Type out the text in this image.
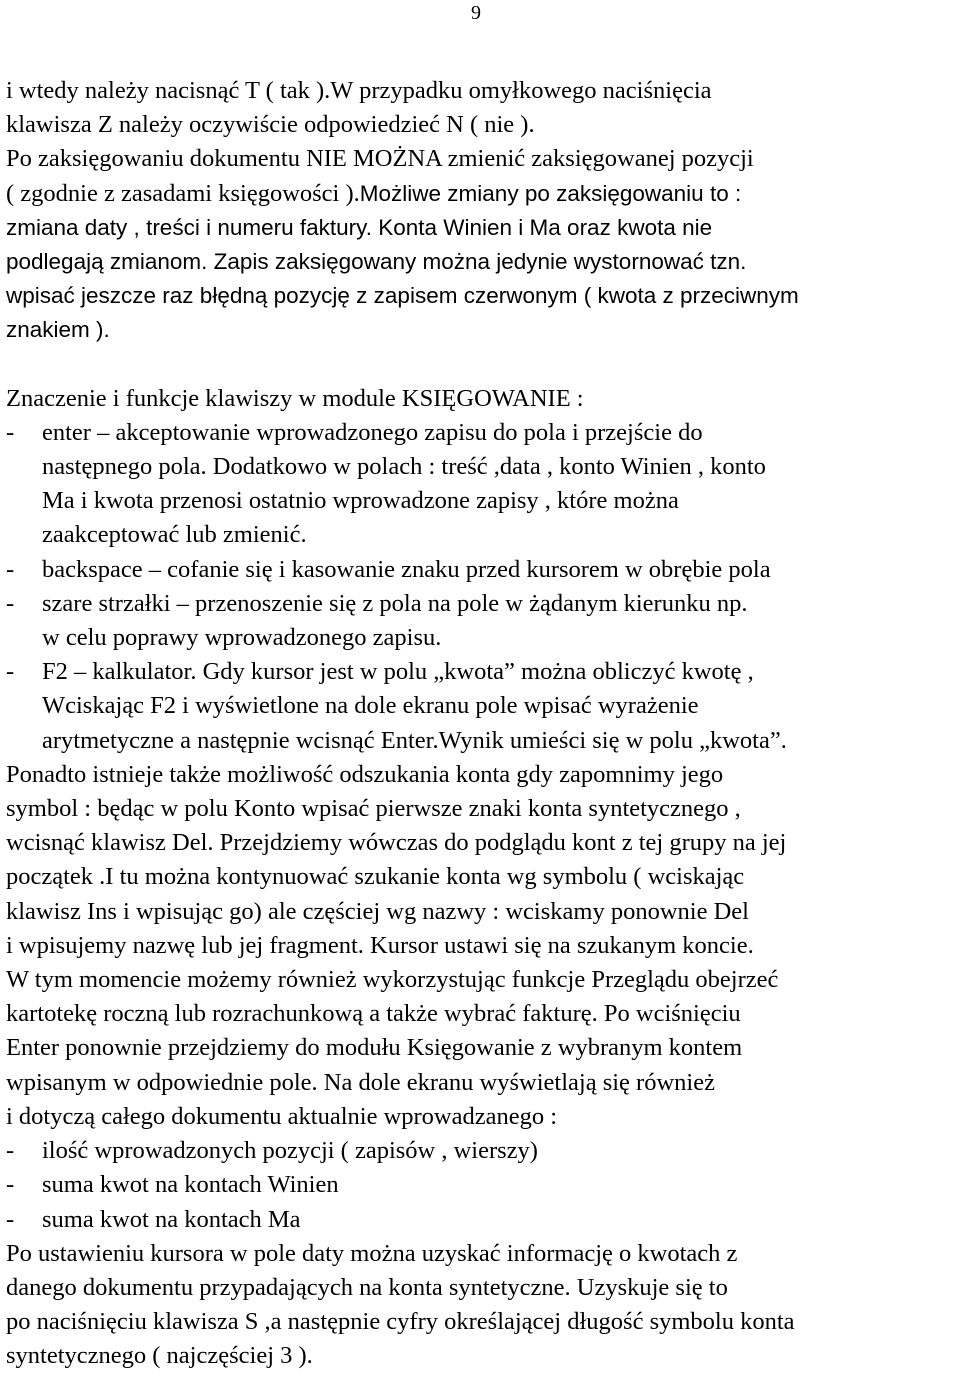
9
i wtedy należy nacisnąć T ( tak ).W przypadku omyłkowego naciśnięcia
klawisza Z należy oczywiście odpowiedzieć N ( nie ).
Po zaksięgowaniu dokumentu NIE MOŻNA zmienić zaksięgowanej pozycji
( zgodnie z zasadami księgowości ).Możliwe zmiany po zaksięgowaniu to :
zmiana daty , treści i numeru faktury. Konta Winien i Ma oraz kwota nie
podlegają zmianom. Zapis zaksięgowany można jedynie wystornować tzn.
wpisać jeszcze raz błędną pozycję z zapisem czerwonym ( kwota z przeciwnym
znakiem ).
Znaczenie i funkcje klawiszy w module KSIĘGOWANIE :
- enter – akceptowanie wprowadzonego zapisu do pola i przejście do
następnego pola. Dodatkowo w polach : treść ,data , konto Winien , konto
Ma i kwota przenosi ostatnio wprowadzone zapisy , które można
zaakceptować lub zmienić.
- backspace – cofanie się i kasowanie znaku przed kursorem w obrębie pola
- szare strzałki – przenoszenie się z pola na pole w żądanym kierunku np.
w celu poprawy wprowadzonego zapisu.
- F2 – kalkulator. Gdy kursor jest w polu „kwota” można obliczyć kwotę ,
Wciskając F2 i wyświetlone na dole ekranu pole wpisać wyrażenie
arytmetyczne a następnie wcisnąć Enter.Wynik umieści się w polu „kwota”.
Ponadto istnieje także możliwość odszukania konta gdy zapomnimy jego
symbol : będąc w polu Konto wpisać pierwsze znaki konta syntetycznego ,
wcisnąć klawisz Del. Przejdziemy wówczas do podglądu kont z tej grupy na jej
początek .I tu można kontynuować szukanie konta wg symbolu ( wciskając
klawisz Ins i wpisując go) ale częściej wg nazwy : wciskamy ponownie Del
i wpisujemy nazwę lub jej fragment. Kursor ustawi się na szukanym koncie.
W tym momencie możemy również wykorzystując funkcje Przeglądu obejrzeć
kartotekę roczną lub rozrachunkową a także wybrać fakturę. Po wciśnięciu
Enter ponownie przejdziemy do modułu Księgowanie z wybranym kontem
wpisanym w odpowiednie pole. Na dole ekranu wyświetlają się również
i dotyczą całego dokumentu aktualnie wprowadzanego :
- ilość wprowadzonych pozycji ( zapisów , wierszy)
- suma kwot na kontach Winien
- suma kwot na kontach Ma
Po ustawieniu kursora w pole daty można uzyskać informację o kwotach z
danego dokumentu przypadających na konta syntetyczne. Uzyskuje się to
po naciśnięciu klawisza S ,a następnie cyfry określającej długość symbolu konta
syntetycznego ( najczęściej 3 ).
